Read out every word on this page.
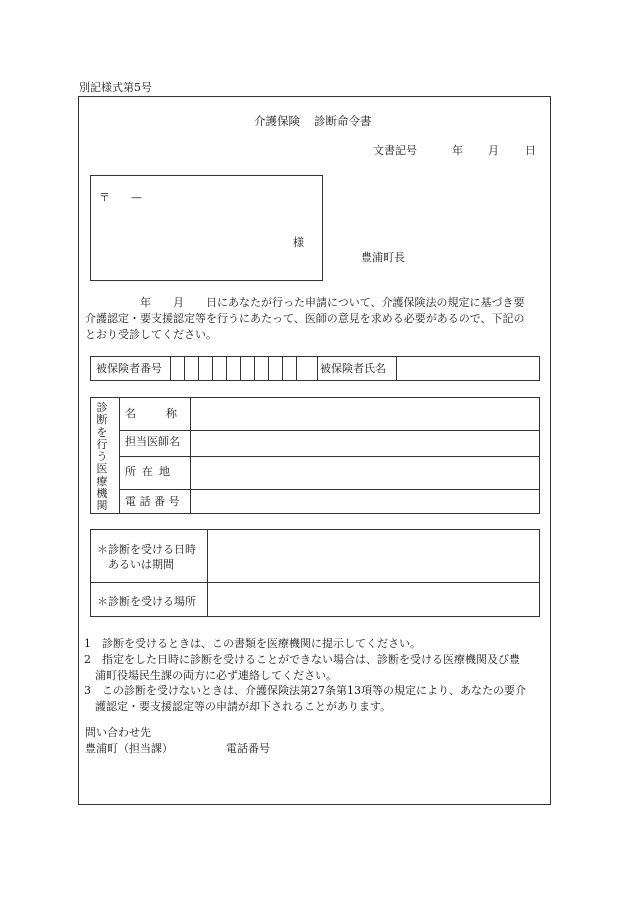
別記様式第5号
介護保険 診断命令書
文書記号	年 月 日
〒 —
様
豊浦町長
　　　　　年　　月　　日にあなたが行った申請について、介護保険法の規定に基づき要
介護認定・要支援認定等を行うにあたって、医師の意見を求める必要があるので、下記の
とおり受診してください。
被保険者番号	被保険者氏名
診
断
を
行
う
医
療
機
関
名	称
担当医師名
所在地
電話番号
＊診断を受ける日時
あるいは期間
＊診断を受ける場所
1　診断を受けるときは、この書類を医療機関に提示してください。
2　指定をした日時に診断を受けることができない場合は、診断を受ける医療機関及び豊
　浦町役場民生課の両方に必ず連絡してください。
3　この診断を受けないときは、介護保険法第27条第13項等の規定により、あなたの要介
　護認定・要支援認定等の申請が却下されることがあります。
問い合わせ先
豊浦町（担当課）	電話番号
